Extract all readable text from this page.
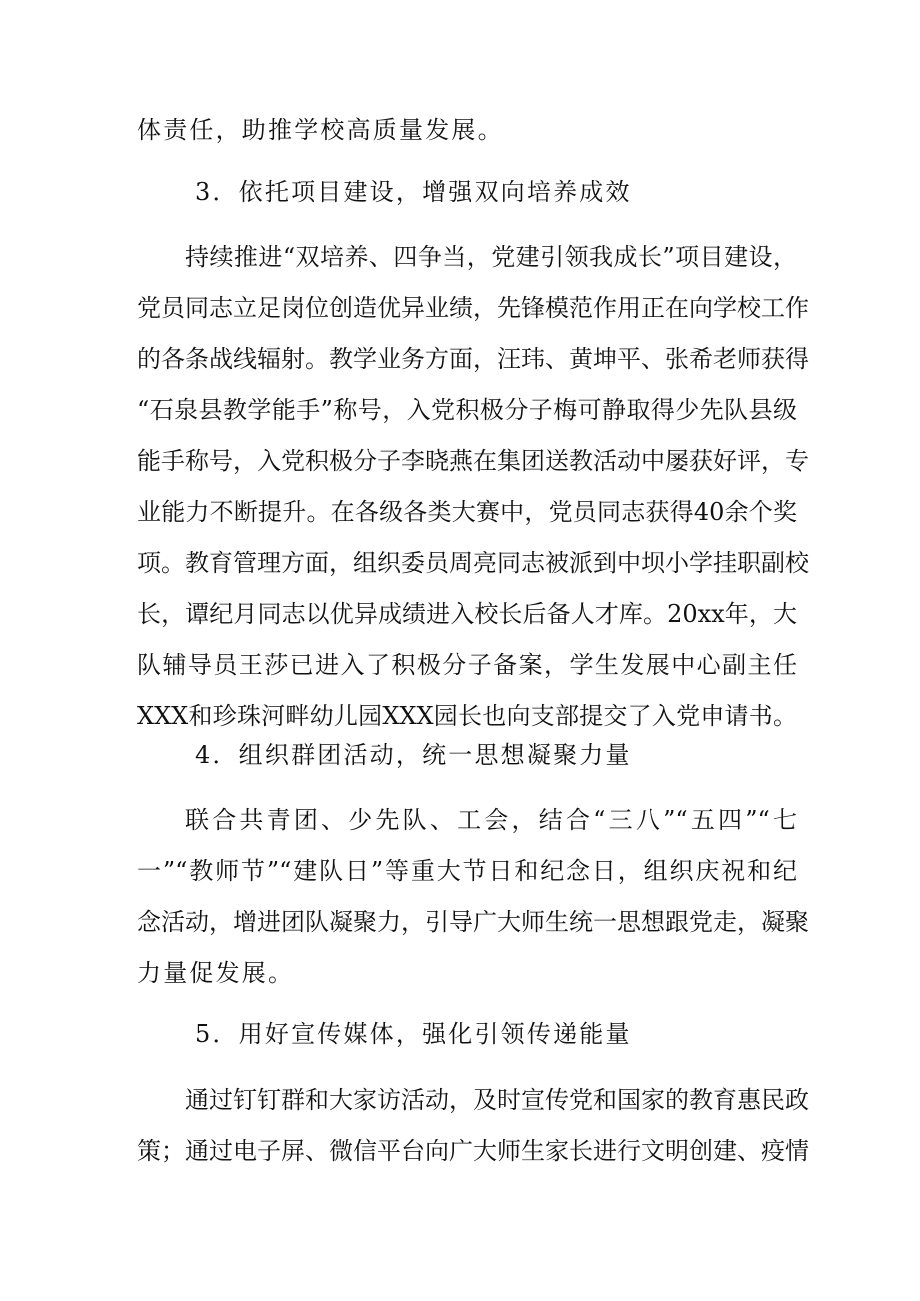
体责任，助推学校高质量发展。
3．依托项目建设，增强双向培养成效
持续推进“双培养、四争当，党建引领我成长”项目建设，
党员同志立足岗位创造优异业绩，先锋模范作用正在向学校工作
的各条战线辐射。教学业务方面，汪玮、黄坤平、张希老师获得
“石泉县教学能手”称号，入党积极分子梅可静取得少先队县级
能手称号，入党积极分子李晓燕在集团送教活动中屡获好评，专
业能力不断提升。在各级各类大赛中，党员同志获得40余个奖
项。教育管理方面，组织委员周亮同志被派到中坝小学挂职副校
长，谭纪月同志以优异成绩进入校长后备人才库。20xx年，大
队辅导员王莎已进入了积极分子备案，学生发展中心副主任
XXX和珍珠河畔幼儿园XXX园长也向支部提交了入党申请书。
4．组织群团活动，统一思想凝聚力量
联合共青团、少先队、工会，结合“三八”“五四”“七
一”“教师节”“建队日”等重大节日和纪念日，组织庆祝和纪
念活动，增进团队凝聚力，引导广大师生统一思想跟党走，凝聚
力量促发展。
5．用好宣传媒体，强化引领传递能量
通过钉钉群和大家访活动，及时宣传党和国家的教育惠民政
策；通过电子屏、微信平台向广大师生家长进行文明创建、疫情
